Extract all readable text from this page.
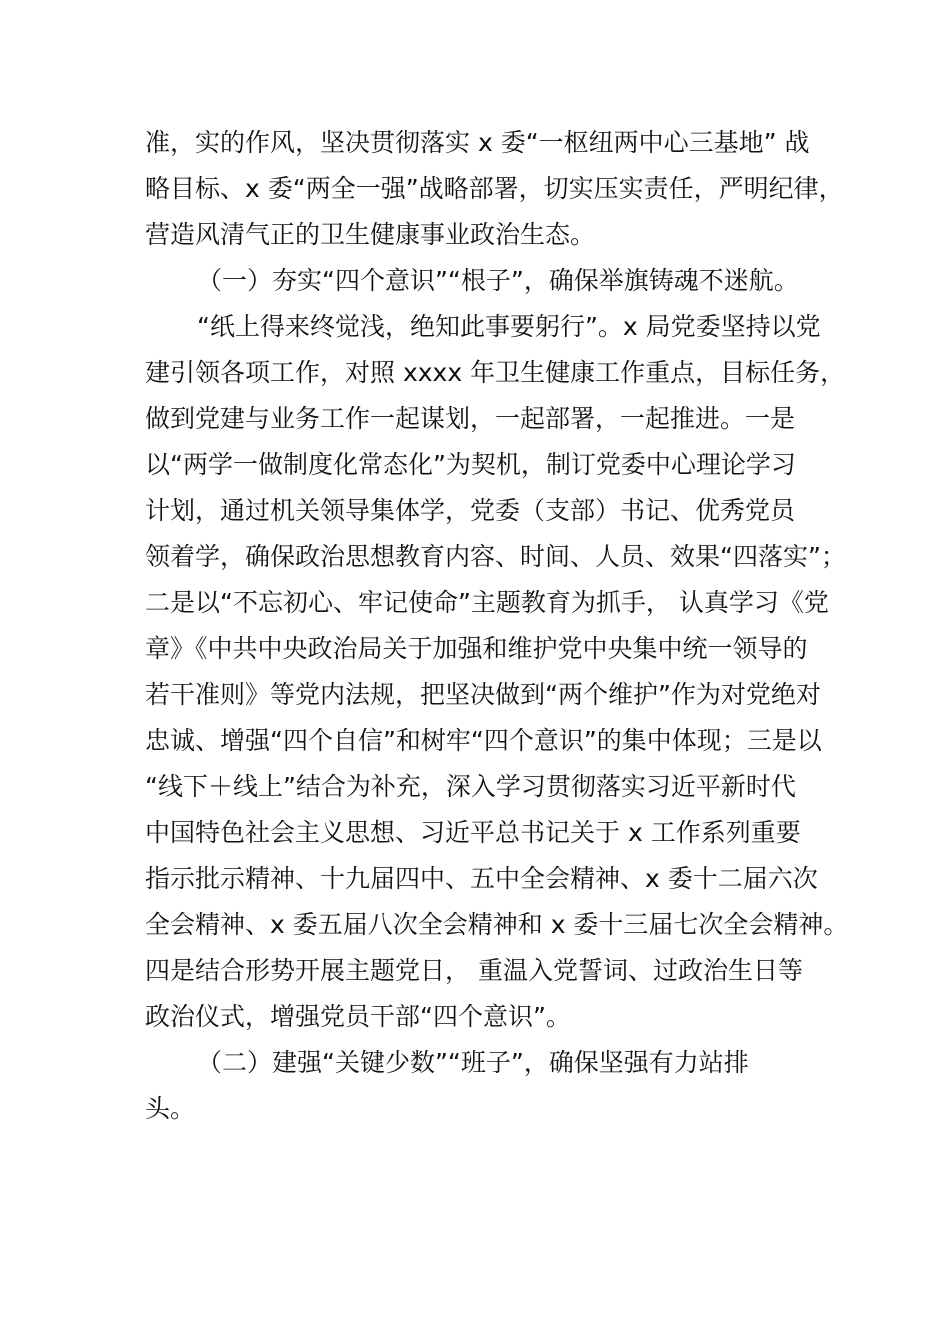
准，实的作风，坚决贯彻落实 x 委“一枢纽两中心三基地” 战
略目标、x 委“两全一强”战略部署，切实压实责任，严明纪律，
营造风清气正的卫生健康事业政治生态。
（一）夯实“四个意识”“根子”，确保举旗铸魂不迷航。
“纸上得来终觉浅，绝知此事要躬行”。x 局党委坚持以党
建引领各项工作，对照 xxxx 年卫生健康工作重点，目标任务，
做到党建与业务工作一起谋划，一起部署，一起推进。一是
以“两学一做制度化常态化”为契机，制订党委中心理论学习
计划，通过机关领导集体学，党委（支部）书记、优秀党员
领着学，确保政治思想教育内容、时间、人员、效果“四落实”；
二是以“不忘初心、牢记使命”主题教育为抓手， 认真学习《党
章》《中共中央政治局关于加强和维护党中央集中统一领导的
若干准则》等党内法规，把坚决做到“两个维护”作为对党绝对
忠诚、增强“四个自信”和树牢“四个意识”的集中体现；三是以
“线下＋线上”结合为补充，深入学习贯彻落实习近平新时代
中国特色社会主义思想、习近平总书记关于 x 工作系列重要
指示批示精神、十九届四中、五中全会精神、x 委十二届六次
全会精神、x 委五届八次全会精神和 x 委十三届七次全会精神。
四是结合形势开展主题党日， 重温入党誓词、过政治生日等
政治仪式，增强党员干部“四个意识”。
（二）建强“关键少数”“班子”，确保坚强有力站排
头。
